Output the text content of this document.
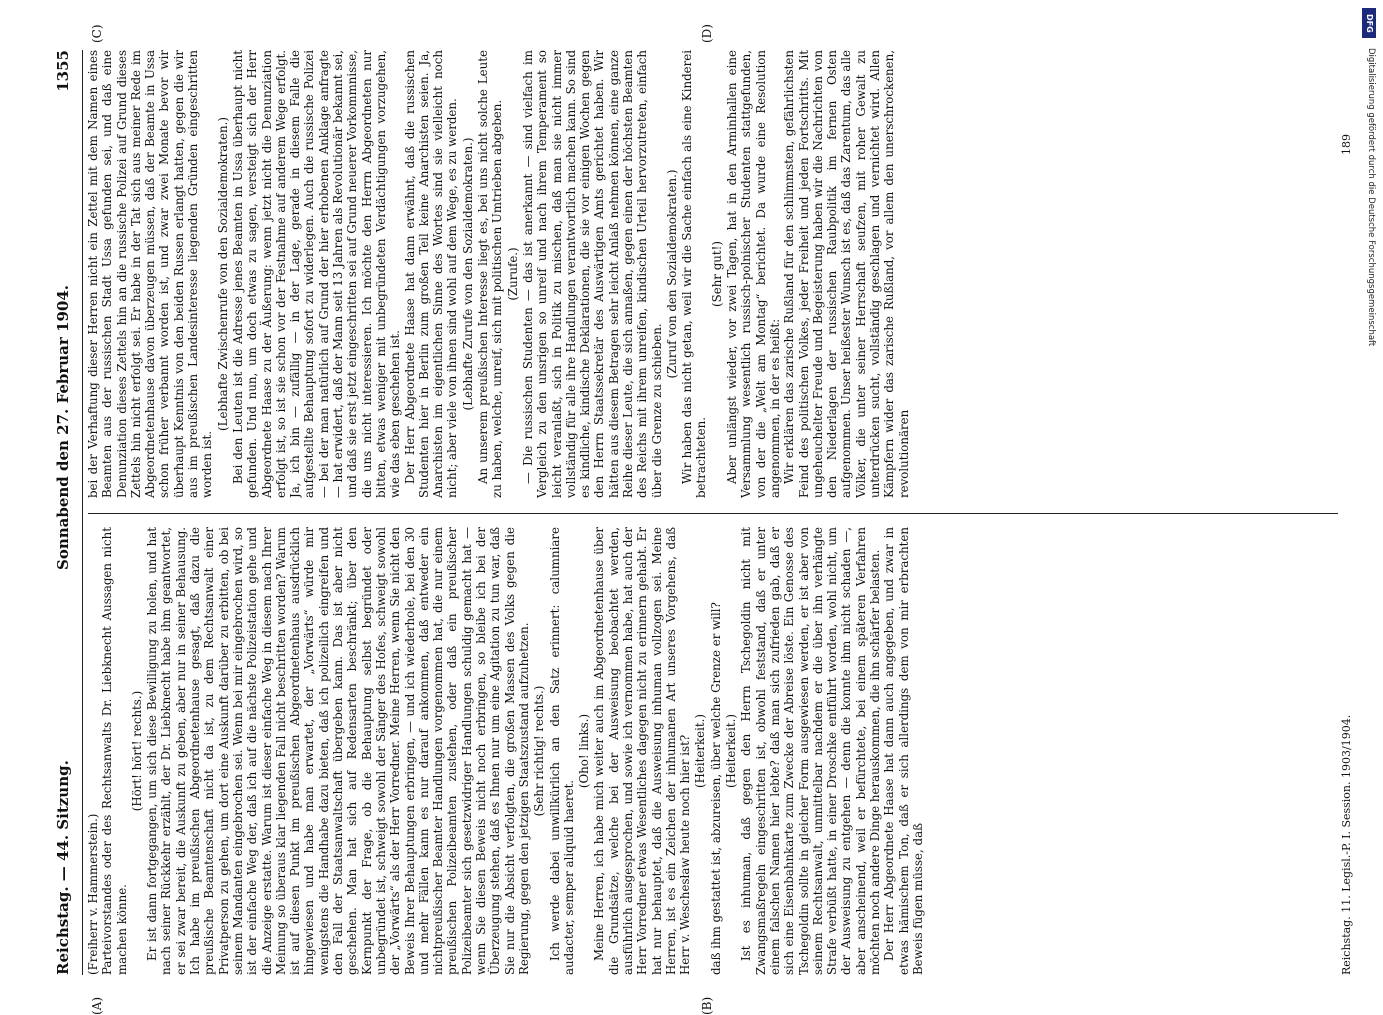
Reichstag. — 44. Sitzung.
Sonnabend den 27. Februar 1904.
1355
(A)	(B)
(C)	(D)

(Freiherr v. Hammerstein.) Parteivorstandes oder des Rechtsanwalts Dr. Liebknecht Aussagen nicht machen könne.

(Hört! hört! rechts.) Er ist dann fortgegangen, um sich diese Bewilligung zu holen, und hat nach seiner Rückkehr erzählt, der Dr. Liebknecht habe ihm geantwortet, er sei zwar bereit, die Auskunft zu geben, aber nur in seiner Behausung. Ich habe im preußischen Abgeordnetenhause gesagt, daß dazu die preußische Beamtenschaft nicht da ist, zu dem Rechtsanwalt einer Privatperson zu gehen, um dort eine Auskunft darüber zu erbitten, ob bei seinem Mandanten eingebrochen sei. Wenn bei mir eingebrochen wird, so ist der einfache Weg der, daß ich auf die nächste Polizeistation gehe und die Anzeige erstatte. Warum ist dieser einfache Weg in diesem nach Ihrer Meinung so überaus klar liegenden Fall nicht beschritten worden? Warum ist auf diesen Punkt im preußischen Abgeordnetenhaus ausdrücklich hingewiesen und habe man erwartet, der „Vorwärts“ würde mir wenigstens die Handhabe dazu bieten, daß ich polizeilich eingreifen und den Fall der Staatsanwaltschaft übergeben kann. Das ist aber nicht geschehen. Man hat sich auf Redensarten beschränkt; über den Kernpunkt der Frage, ob die Behauptung selbst begründet oder unbegründet ist, schweigt sowohl der Sänger des Hofes, schweigt sowohl der „Vorwärts“ als der Herr Vorredner. Meine Herren, wenn Sie nicht den Beweis Ihrer Behauptungen erbringen, — und ich wiederhole, bei den 30 und mehr Fällen kann es nur darauf ankommen, daß entweder ein nichtpreußischer Beamter Handlungen vorgenommen hat, die nur einem preußischen Polizeibeamten zustehen, oder daß ein preußischer Polizeibeamter sich gesetzwidriger Handlungen schuldig gemacht hat — wenn Sie diesen Beweis nicht noch erbringen, so bleibe ich bei der Überzeugung stehen, daß es Ihnen nur um eine Agitation zu tun war, daß Sie nur die Absicht verfolgten, die großen Massen des Volks gegen die Regierung, gegen den jetzigen Staatszustand aufzuhetzen. (Sehr richtig! rechts.) Ich werde dabei unwillkürlich an den Satz erinnert: calumniare audacter, semper aliquid haeret.

(Oho! links.) Meine Herren, ich habe mich weiter auch im Abgeordnetenhause über die Grundsätze, welche bei der Ausweisung beobachtet werden, ausführlich ausgesprochen, und sowie ich vernommen habe, hat auch der Herr Vorredner etwas Wesentliches dagegen nicht zu erinnern gehabt. Er hat nur behauptet, daß die Ausweisung inhuman vollzogen sei. Meine Herren, ist es ein Zeichen der inhumanen Art unseres Vorgehens, daß Herr v. Weschesław heute noch hier ist? (Heiterkeit.) daß ihm gestattet ist, abzureisen, über welche Grenze er will? (Heiterkeit.) Ist es inhuman, daß gegen den Herrn Tschegoldin nicht mit Zwangsmaßregeln eingeschritten ist, obwohl feststand, daß er unter einem falschen Namen hier lebte? daß man sich zufrieden gab, daß er sich eine Eisenbahnkarte zum Zwecke der Abreise löste. Ein Genosse des Tschegoldin sollte in gleicher Form ausgewiesen werden, er ist aber von seinem Rechtsanwalt, unmittelbar nachdem er die über ihn verhängte Strafe verbüßt hatte, in einer Droschke entführt worden, wohl nicht, um der Ausweisung zu entgehen — denn die konnte ihm nicht schaden —, aber anscheinend, weil er befürchtete, bei einem späteren Verfahren möchten noch andere Dinge herauskommen, die ihn schärfer belasten. Der Herr Abgeordnete Haase hat dann auch angegeben, und zwar in etwas hämischem Ton, daß er sich allerdings dem von mir erbrachten Beweis fügen müsse, daß

bei der Verhaftung dieser Herren nicht ein Zettel mit dem Namen eines Beamten aus der russischen Stadt Ussa gefunden sei, und daß eine Denunziation dieses Zettels hin an die russische Polizei auf Grund dieses Zettels hin nicht erfolgt sei. Er habe in der Tat sich aus meiner Rede im Abgeordnetenhause davon überzeugen müssen, daß der Beamte in Ussa schon früher verbannt worden ist, und zwar zwei Monate bevor wir überhaupt Kenntnis von den beiden Russen erlangt hatten, gegen die wir aus im preußischen Landesinteresse liegenden Gründen eingeschritten worden ist.

(Lebhafte Zwischenrufe von den Sozialdemokraten.) Bei den Leuten ist die Adresse jenes Beamten in Ussa überhaupt nicht gefunden. Und nun, um doch etwas zu sagen, versteigt sich der Herr Abgeordnete Haase zu der Äußerung: wenn jetzt nicht die Denunziation erfolgt ist, so ist sie schon vor der Festnahme auf anderem Wege erfolgt. Ja, ich bin — zufällig — in der Lage, gerade in diesem Falle die aufgestellte Behauptung sofort zu widerlegen. Auch die russische Polizei — bei der man natürlich auf Grund der hier erhobenen Anklage anfragte — hat erwidert, daß der Mann seit 13 Jahren als Revolutionär bekannt sei, und daß sie erst jetzt eingeschritten sei auf Grund neuerer Vorkommnisse, die uns nicht interessieren. Ich möchte den Herrn Abgeordneten nur bitten, etwas weniger mit unbegründeten Verdächtigungen vorzugehen, wie das eben geschehen ist. Der Herr Abgeordnete Haase hat dann erwähnt, daß die russischen Studenten hier in Berlin zum großen Teil keine Anarchisten seien. Ja, Anarchisten im eigentlichen Sinne des Wortes sind sie vielleicht noch nicht; aber viele von ihnen sind wohl auf dem Wege, es zu werden. (Lebhafte Zurufe von den Sozialdemokraten.) An unserem preußischen Interesse liegt es, bei uns nicht solche Leute zu haben, welche, unreif, sich mit politischen Umtrieben abgeben. (Zurufe.) — Die russischen Studenten — das ist anerkannt — sind vielfach im Vergleich zu den unsrigen so unreif und nach ihrem Temperament so leicht veranlaßt, sich in Politik zu mischen, daß man sie nicht immer vollständig für alle ihre Handlungen verantwortlich machen kann. So sind es kindliche, kindische Deklarationen, die sie vor einigen Wochen gegen den Herrn Staatssekretär des Auswärtigen Amts gerichtet haben. Wir hätten aus diesem Betragen sehr leicht Anlaß nehmen können, eine ganze Reihe dieser Leute, die sich annaßen, gegen einen der höchsten Beamten des Reichs mit ihrem unreifen, kindischen Urteil hervorzutreten, einfach über die Grenze zu schieben.

(Zuruf von den Sozialdemokraten.) Wir haben das nicht getan, weil wir die Sache einfach als eine Kinderei betrachteten.

(Sehr gut!) Aber unlängst wieder, vor zwei Tagen, hat in den Arminhallen eine Versammlung wesentlich russisch-polnischer Studenten stattgefunden, von der die „Welt am Montag“ berichtet. Da wurde eine Resolution angenommen, in der es heißt: Wir erklären das zarische Rußland für den schlimmsten, gefährlichsten Feind des politischen Volkes, jeder Freiheit und jeden Fortschritts. Mit ungeheuchelter Freude und Begeisterung haben wir die Nachrichten von den Niederlagen der russischen Raubpolitik im fernen Osten aufgenommen. Unser heißester Wunsch ist es, daß das Zarentum, das alle Völker, die unter seiner Herrschaft seufzen, mit roher Gewalt zu unterdrücken sucht, vollständig geschlagen und vernichtet wird. Allen Kämpfern wider das zarische Rußland, vor allem den unerschrockenen, revolutionären

Reichstag. 11. Legisl.-P. I. Session. 1903/1904.
189
DFG
Digitalisierung gefördert durch die Deutsche Forschungsgemeinschaft
